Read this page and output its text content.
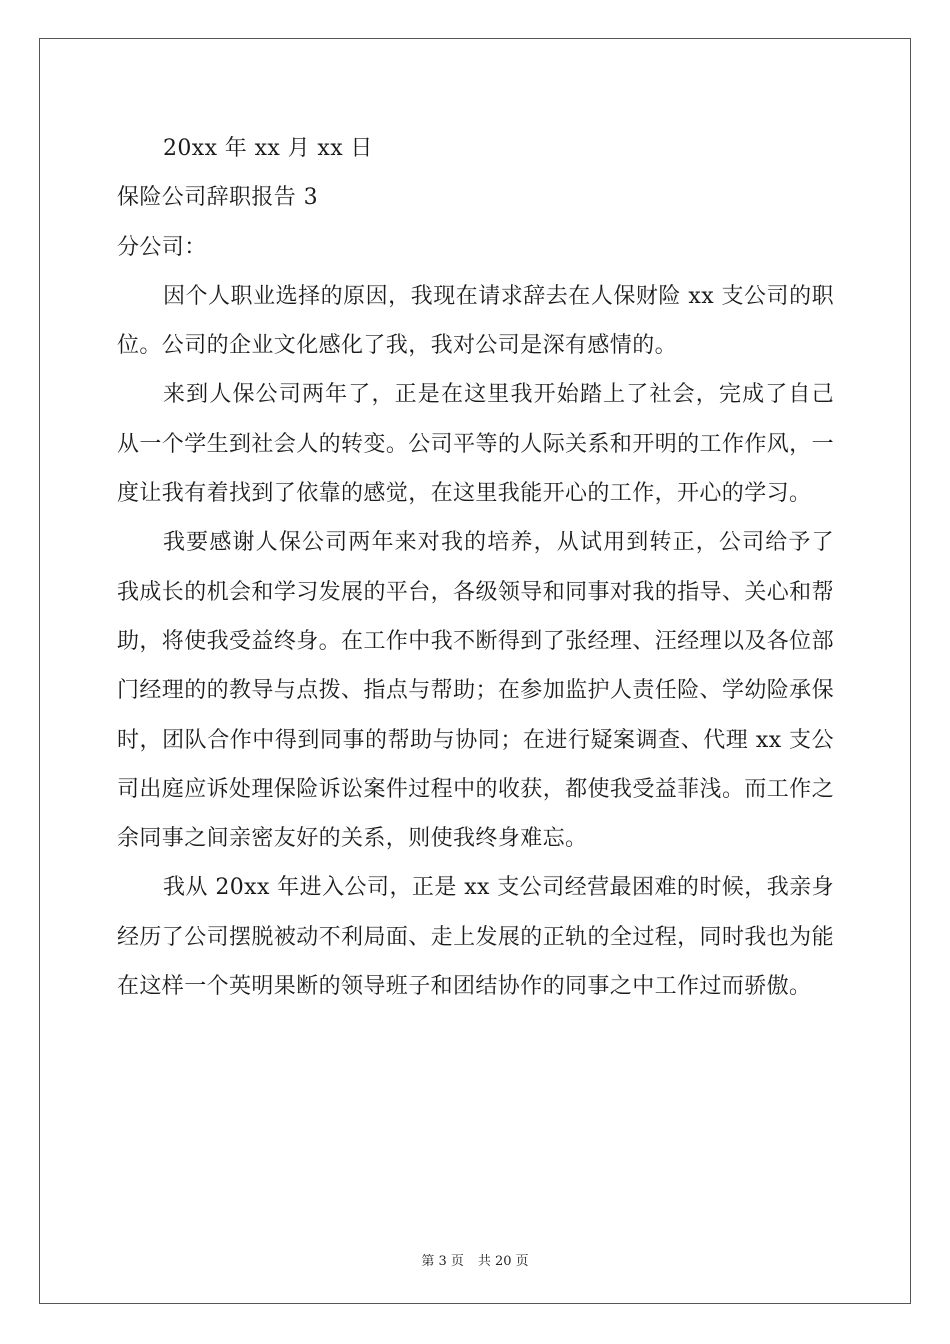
20xx 年 xx 月 xx 日
保险公司辞职报告 3
分公司：

因个人职业选择的原因，我现在请求辞去在人保财险 xx 支公司的职位。公司的企业文化感化了我，我对公司是深有感情的。

来到人保公司两年了，正是在这里我开始踏上了社会，完成了自己从一个学生到社会人的转变。公司平等的人际关系和开明的工作作风，一度让我有着找到了依靠的感觉，在这里我能开心的工作，开心的学习。

我要感谢人保公司两年来对我的培养，从试用到转正，公司给予了我成长的机会和学习发展的平台，各级领导和同事对我的指导、关心和帮助，将使我受益终身。在工作中我不断得到了张经理、汪经理以及各位部门经理的的教导与点拨、指点与帮助；在参加监护人责任险、学幼险承保时，团队合作中得到同事的帮助与协同；在进行疑案调查、代理 xx 支公司出庭应诉处理保险诉讼案件过程中的收获，都使我受益菲浅。而工作之余同事之间亲密友好的关系，则使我终身难忘。

我从 20xx 年进入公司，正是 xx 支公司经营最困难的时候，我亲身经历了公司摆脱被动不利局面、走上发展的正轨的全过程，同时我也为能在这样一个英明果断的领导班子和团结协作的同事之中工作过而骄傲。

第 3 页 共 20 页
